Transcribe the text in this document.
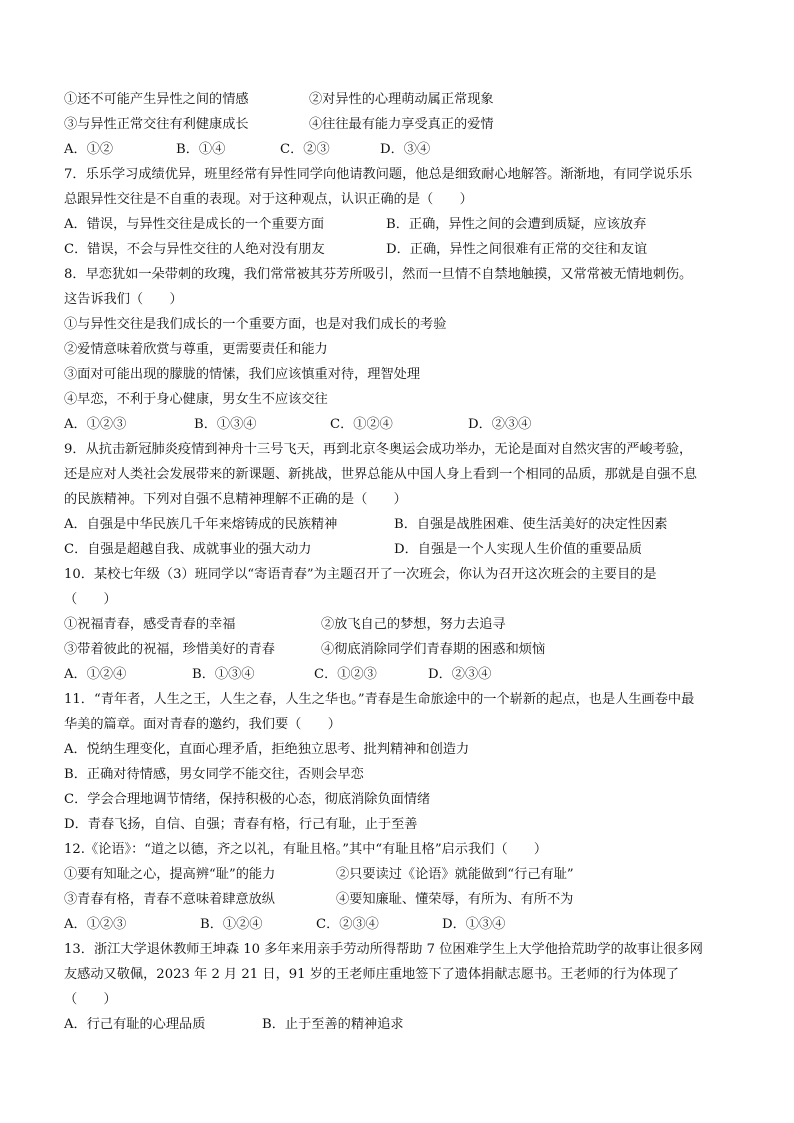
①还不可能产生异性之间的情感	②对异性的心理萌动属正常现象
③与异性正常交往有利健康成长	④往往最有能力享受真正的爱情
A．①②	B．①④	C．②③	D．③④
7．乐乐学习成绩优异，班里经常有异性同学向他请教问题，他总是细致耐心地解答。渐渐地，有同学说乐乐
总跟异性交往是不自重的表现。对于这种观点，认识正确的是（　　）
A．错误，与异性交往是成长的一个重要方面	B．正确，异性之间的会遭到质疑，应该放弃
C．错误，不会与异性交往的人绝对没有朋友	D．正确，异性之间很难有正常的交往和友谊
8．早恋犹如一朵带刺的玫瑰，我们常常被其芬芳所吸引，然而一旦情不自禁地触摸，又常常被无情地刺伤。
这告诉我们（　　）
①与异性交往是我们成长的一个重要方面，也是对我们成长的考验
②爱情意味着欣赏与尊重，更需要责任和能力
③面对可能出现的朦胧的情愫，我们应该慎重对待，理智处理
④早恋，不利于身心健康，男女生不应该交往
A．①②③	B．①③④	C．①②④	D．②③④
9．从抗击新冠肺炎疫情到神舟十三号飞天，再到北京冬奥运会成功举办，无论是面对自然灾害的严峻考验，
还是应对人类社会发展带来的新课题、新挑战，世界总能从中国人身上看到一个相同的品质，那就是自强不息
的民族精神。下列对自强不息精神理解不正确的是（　　）
A．自强是中华民族几千年来熔铸成的民族精神	B．自强是战胜困难、使生活美好的决定性因素
C．自强是超越自我、成就事业的强大动力	D．自强是一个人实现人生价值的重要品质
10．某校七年级（3）班同学以“寄语青春”为主题召开了一次班会，你认为召开这次班会的主要目的是
（　　）
①祝福青春，感受青春的幸福	②放飞自己的梦想，努力去追寻
③带着彼此的祝福，珍惜美好的青春	④彻底消除同学们青春期的困惑和烦恼
A．①②④	B．①③④	C．①②③	D．②③④
11．“青年者，人生之王，人生之春，人生之华也。”青春是生命旅途中的一个崭新的起点，也是人生画卷中最
华美的篇章。面对青春的邀约，我们要（　　）
A．悦纳生理变化，直面心理矛盾，拒绝独立思考、批判精神和创造力
B．正确对待情感，男女同学不能交往，否则会早恋
C．学会合理地调节情绪，保持积极的心态，彻底消除负面情绪
D．青春飞扬，自信、自强；青春有格，行己有耻，止于至善
12.《论语》：“道之以德，齐之以礼，有耻且格。”其中“有耻且格”启示我们（　　）
①要有知耻之心，提高辨“耻”的能力	②只要读过《论语》就能做到“行己有耻”
③青春有格，青春不意味着肆意放纵	④要知廉耻、懂荣辱，有所为、有所不为
A．①②③	B．①②④	C．②③④	D．①③④
13．浙江大学退休教师王坤森 10 多年来用亲手劳动所得帮助 7 位困难学生上大学他拾荒助学的故事让很多网
友感动又敬佩，2023 年 2 月 21 日，91 岁的王老师庄重地签下了遗体捐献志愿书。王老师的行为体现了
（　　）
A．行己有耻的心理品质	B．止于至善的精神追求
